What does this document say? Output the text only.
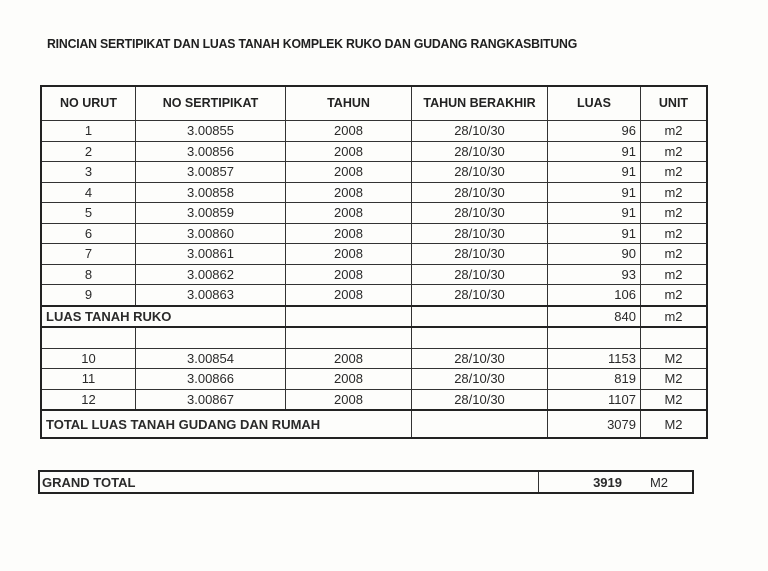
RINCIAN SERTIPIKAT DAN LUAS TANAH KOMPLEK RUKO DAN GUDANG RANGKASBITUNG
NO URUT	NO SERTIPIKAT	TAHUN	TAHUN BERAKHIR	LUAS	UNIT
1	3.00855	2008	28/10/30	96	m2
2	3.00856	2008	28/10/30	91	m2
3	3.00857	2008	28/10/30	91	m2
4	3.00858	2008	28/10/30	91	m2
5	3.00859	2008	28/10/30	91	m2
6	3.00860	2008	28/10/30	91	m2
7	3.00861	2008	28/10/30	90	m2
8	3.00862	2008	28/10/30	93	m2
9	3.00863	2008	28/10/30	106	m2
LUAS TANAH RUKO				840	m2

10	3.00854	2008	28/10/30	1153	M2
11	3.00866	2008	28/10/30	819	M2
12	3.00867	2008	28/10/30	1107	M2
TOTAL LUAS TANAH GUDANG DAN RUMAH				3079	M2
GRAND TOTAL	3919	M2
